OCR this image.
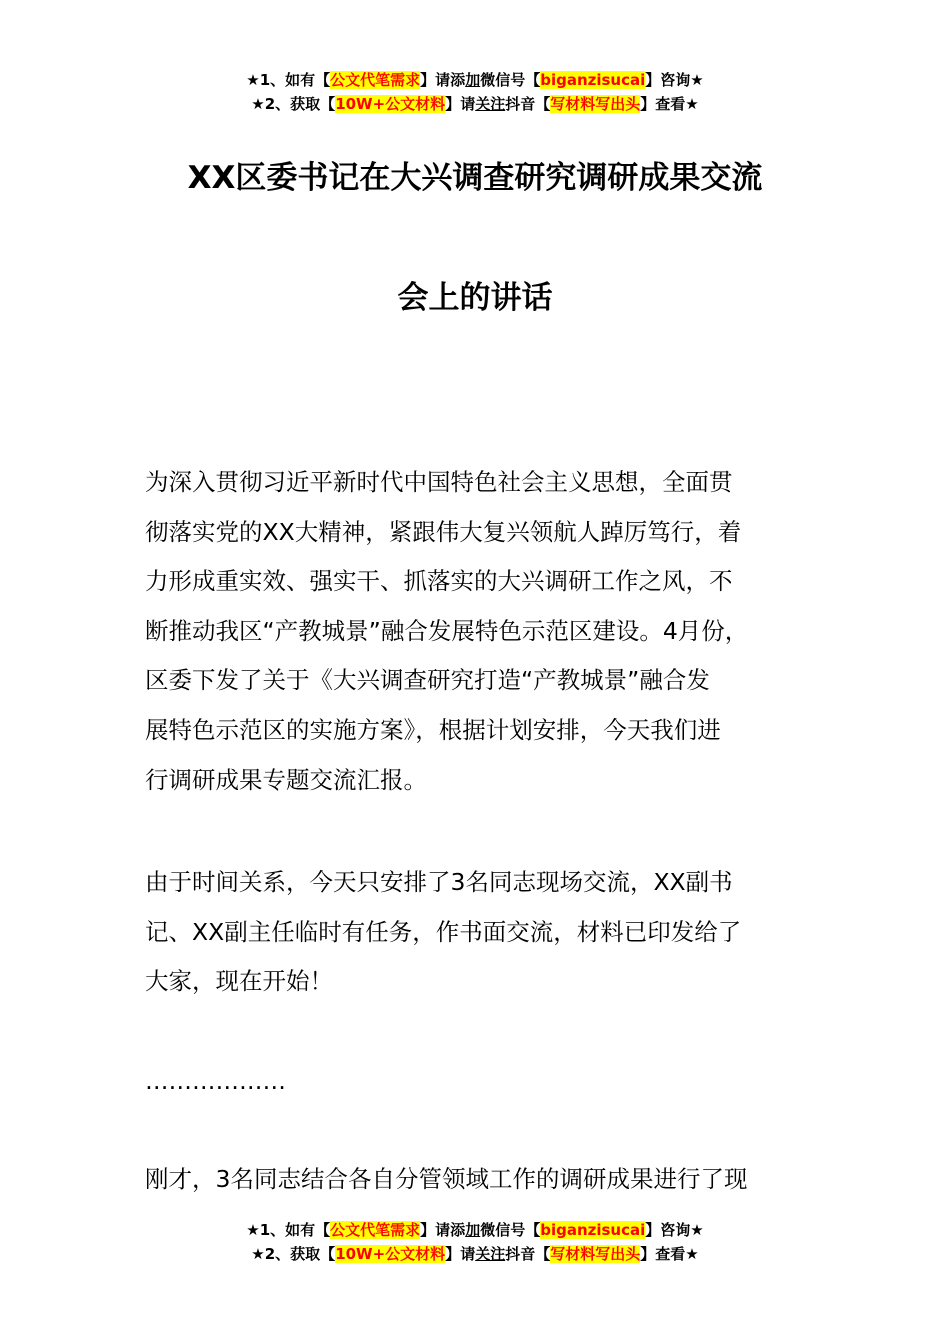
★1、如有【公文代笔需求】请添加微信号【biganzisucai】咨询★
★2、获取【10W+公文材料】请关注抖音【写材料写出头】查看★
XX区委书记在大兴调查研究调研成果交流
会上的讲话
为深入贯彻习近平新时代中国特色社会主义思想，全面贯
彻落实党的XX大精神，紧跟伟大复兴领航人踔厉笃行，着
力形成重实效、强实干、抓落实的大兴调研工作之风，不
断推动我区“产教城景”融合发展特色示范区建设。4月份，
区委下发了关于《大兴调查研究打造“产教城景”融合发
展特色示范区的实施方案》，根据计划安排，今天我们进
行调研成果专题交流汇报。
由于时间关系，今天只安排了3名同志现场交流，XX副书
记、XX副主任临时有任务，作书面交流，材料已印发给了
大家，现在开始！
………………
刚才，3名同志结合各自分管领域工作的调研成果进行了现
★1、如有【公文代笔需求】请添加微信号【biganzisucai】咨询★
★2、获取【10W+公文材料】请关注抖音【写材料写出头】查看★
